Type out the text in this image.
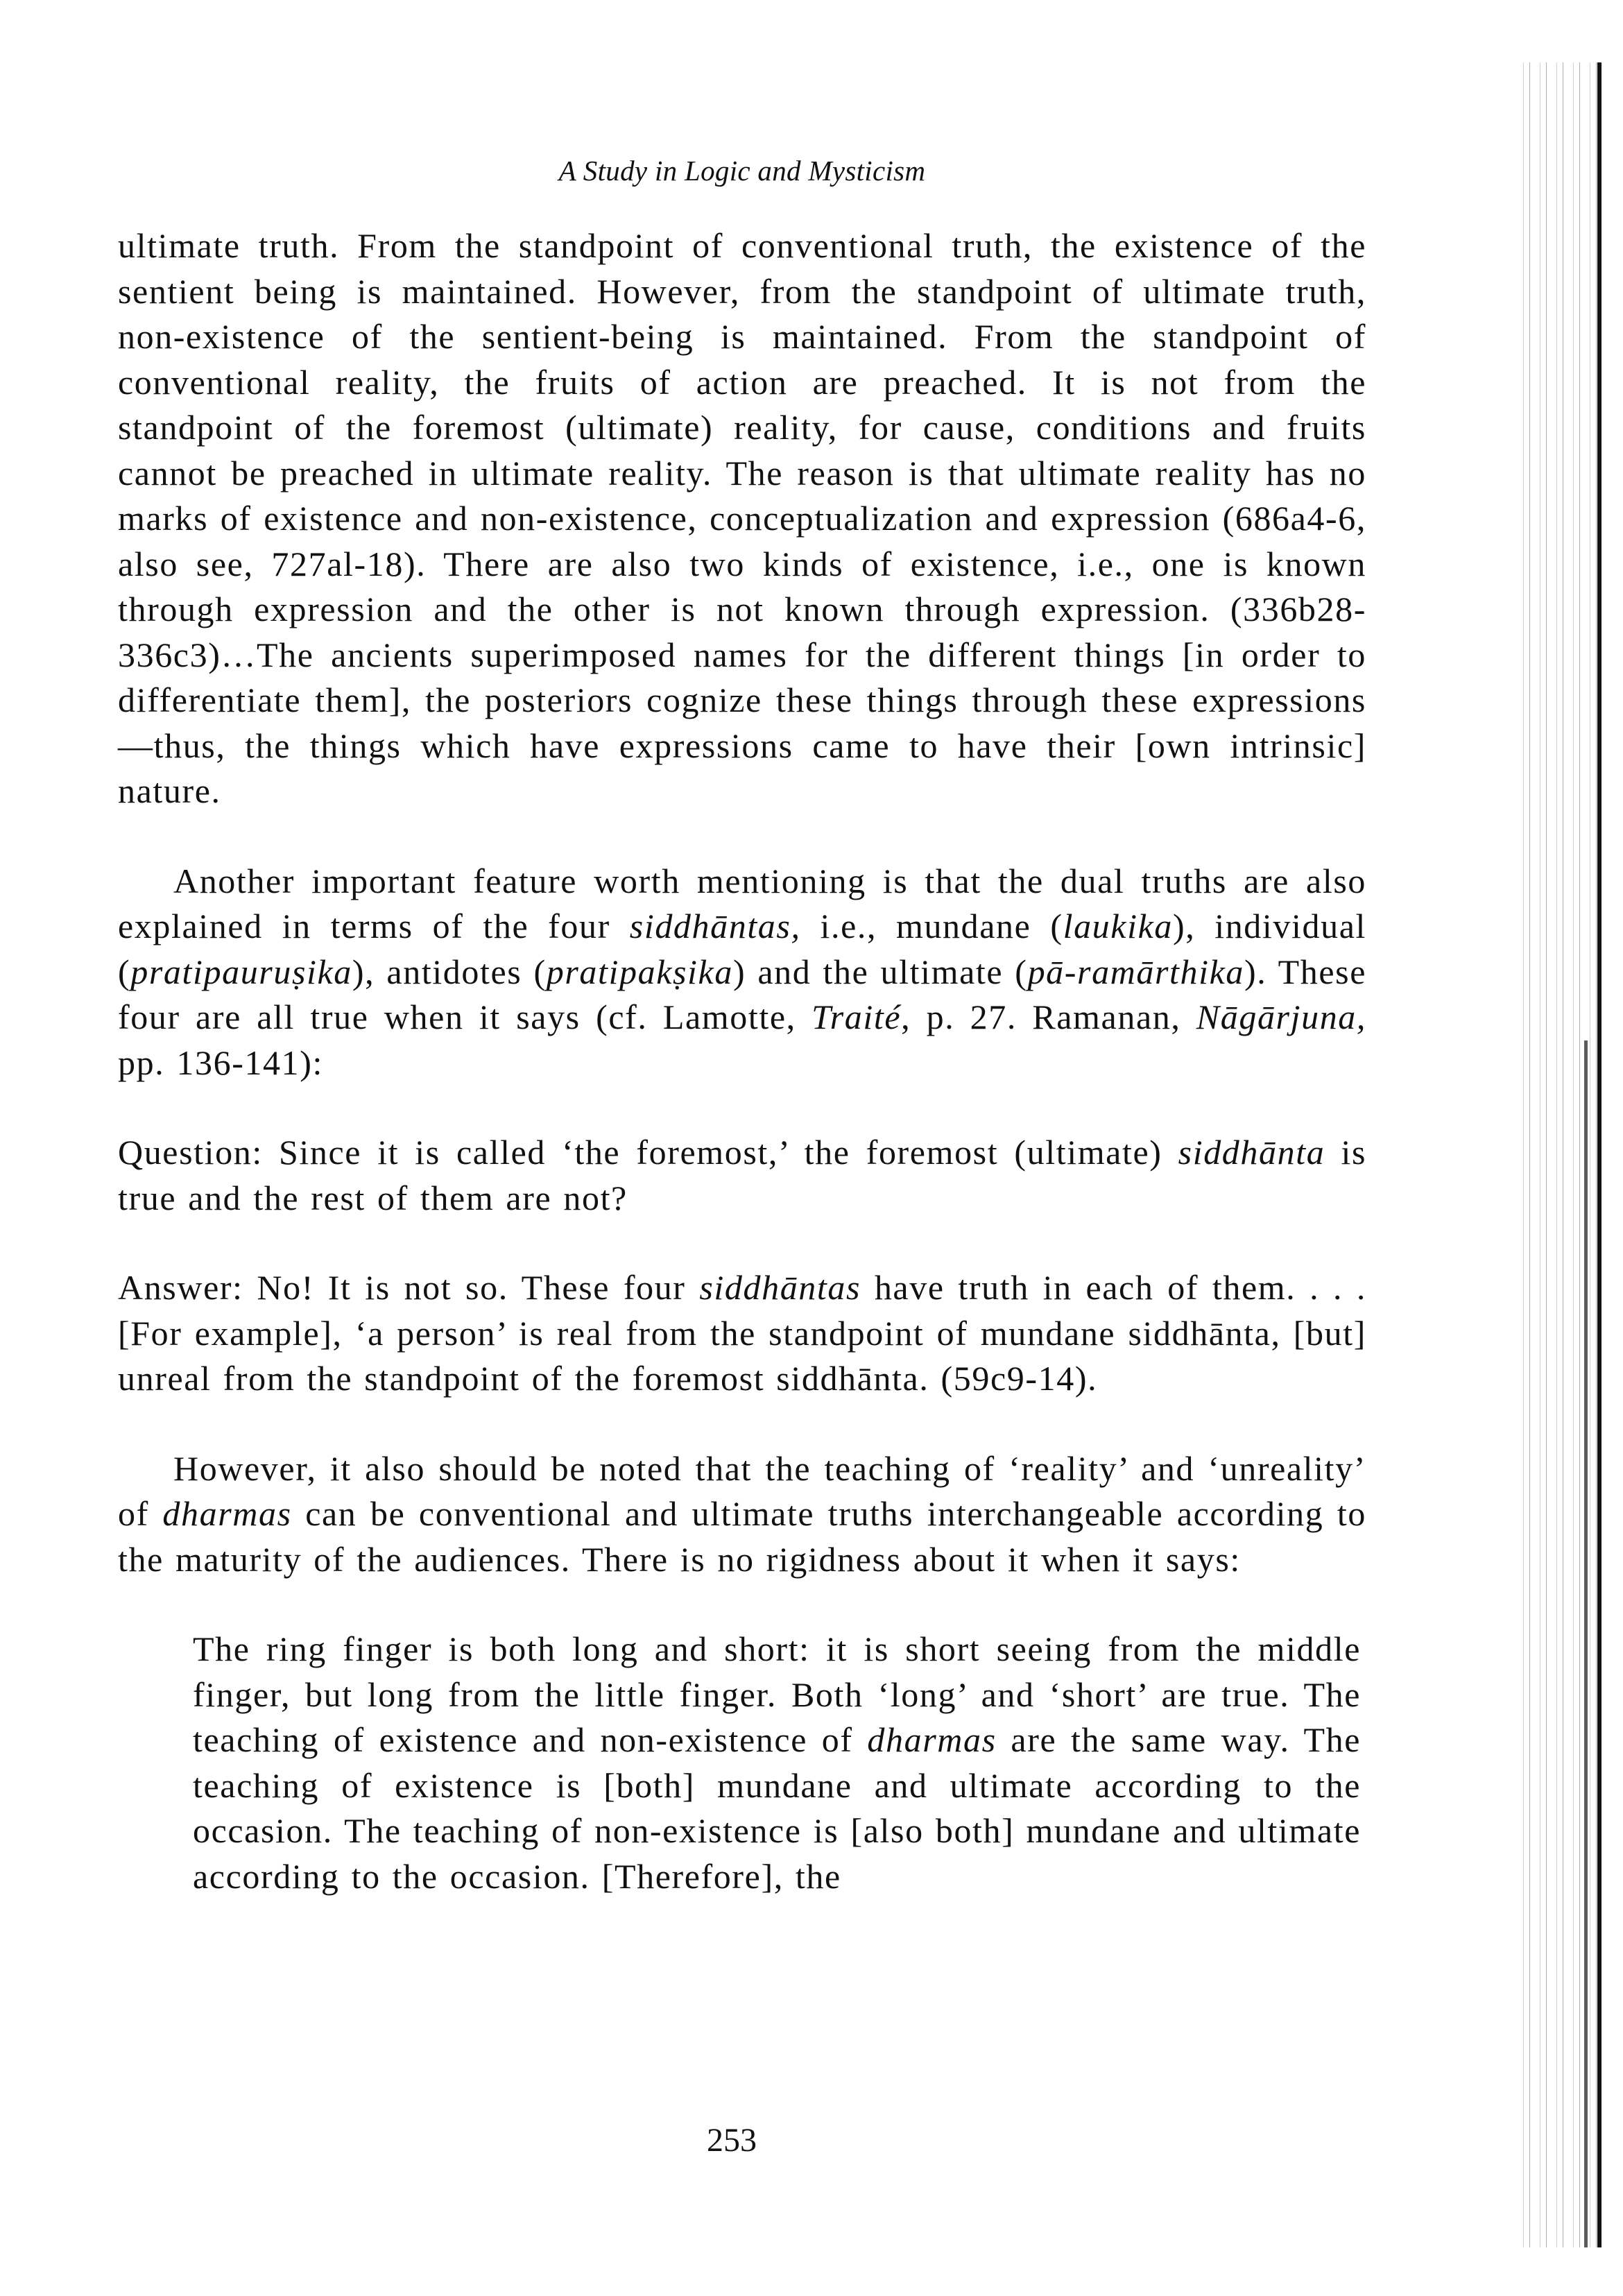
A Study in Logic and Mysticism

ultimate truth. From the standpoint of conventional truth, the existence of the sentient being is maintained. However, from the standpoint of ultimate truth, non-existence of the sentient-being is maintained. From the standpoint of conventional reality, the fruits of action are preached. It is not from the standpoint of the foremost (ultimate) reality, for cause, conditions and fruits cannot be preached in ultimate reality. The reason is that ultimate reality has no marks of existence and non-existence, conceptualization and expression (686a4-6, also see, 727al-18). There are also two kinds of existence, i.e., one is known through expression and the other is not known through expression. (336b28-336c3)…The ancients superimposed names for the different things [in order to differentiate them], the posteriors cognize these things through these expressions—thus, the things which have expressions came to have their [own intrinsic] nature.

Another important feature worth mentioning is that the dual truths are also explained in terms of the four siddhāntas, i.e., mundane (laukika), individual (pratipauruṣika), antidotes (pratipakṣika) and the ultimate (pā-ramārthika). These four are all true when it says (cf. Lamotte, Traité, p. 27. Ramanan, Nāgārjuna, pp. 136-141):

Question: Since it is called ‘the foremost,’ the foremost (ultimate) siddhānta is true and the rest of them are not?

Answer: No! It is not so. These four siddhāntas have truth in each of them. . . . [For example], ‘a person’ is real from the standpoint of mundane siddhānta, [but] unreal from the standpoint of the foremost siddhānta. (59c9-14).

However, it also should be noted that the teaching of ‘reality’ and ‘unreality’ of dharmas can be conventional and ultimate truths interchangeable according to the maturity of the audiences. There is no rigidness about it when it says:

The ring finger is both long and short: it is short seeing from the middle finger, but long from the little finger. Both ‘long’ and ‘short’ are true. The teaching of existence and non-existence of dharmas are the same way. The teaching of existence is [both] mundane and ultimate according to the occasion. The teaching of non-existence is [also both] mundane and ultimate according to the occasion. [Therefore], the

253
